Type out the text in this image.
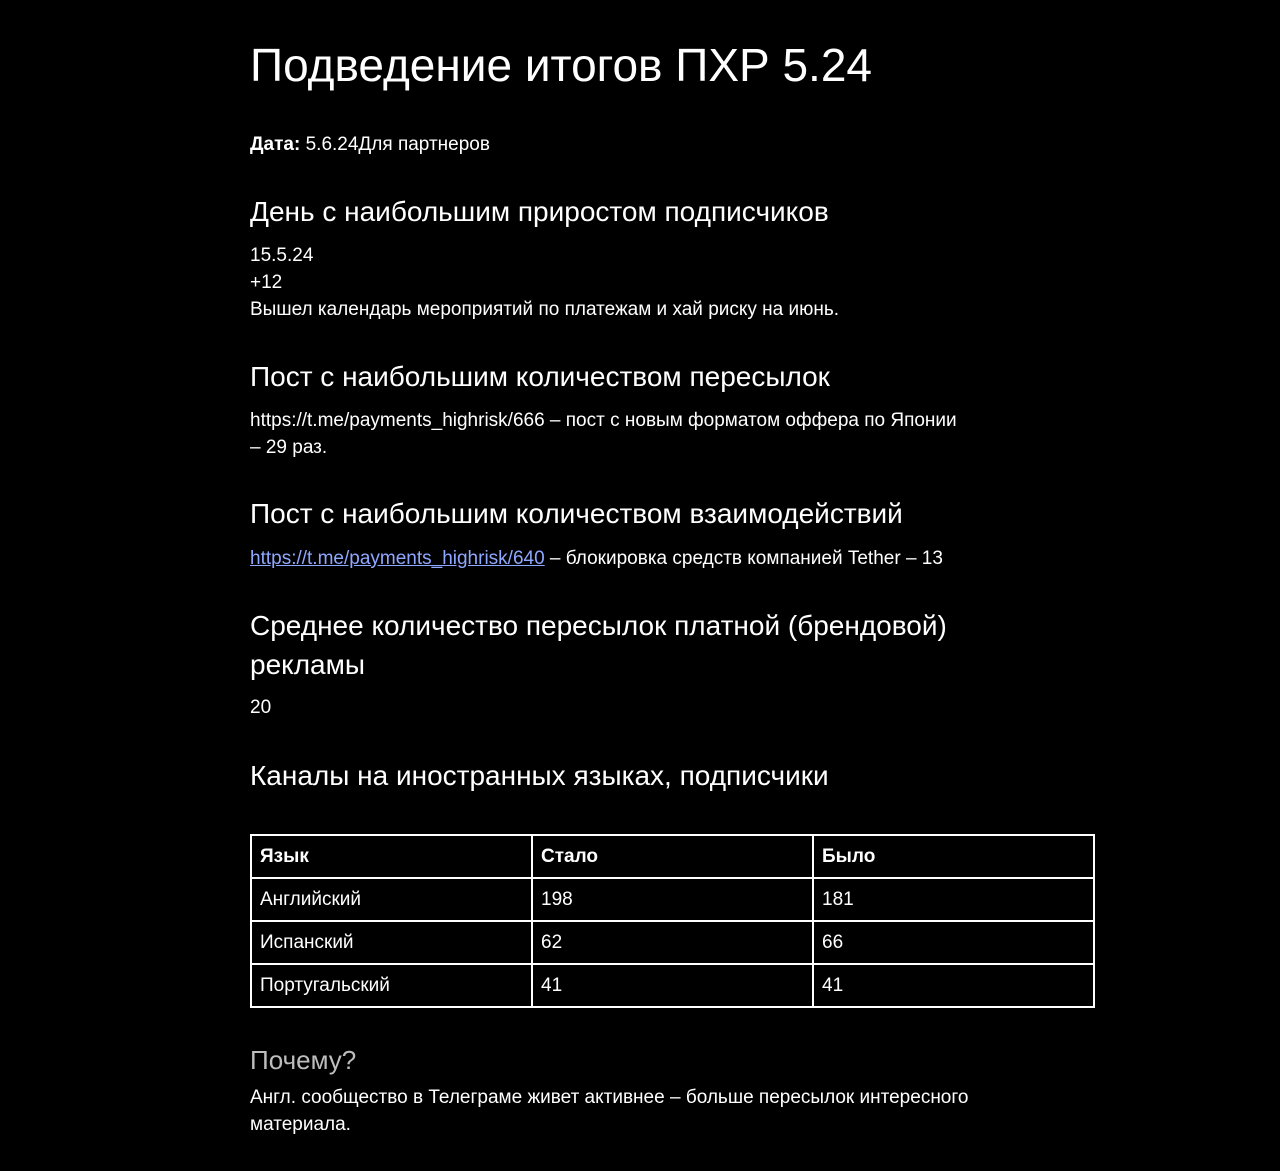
Подведение итогов ПХР 5.24
Дата: 5.6.24Для партнеров
День с наибольшим приростом подписчиков
15.5.24
+12
Вышел календарь мероприятий по платежам и хай риску на июнь.
Пост с наибольшим количеством пересылок
https://t.me/payments_highrisk/666 – пост с новым форматом оффера по Японии
– 29 раз.
Пост с наибольшим количеством взаимодействий
https://t.me/payments_highrisk/640 – блокировка средств компанией Tether – 13
Среднее количество пересылок платной (брендовой)
рекламы
20
Каналы на иностранных языках, подписчики
Язык	Стало	Было
Английский	198	181
Испанский	62	66
Португальский	41	41
Почему?
Англ. сообщество в Телеграме живет активнее – больше пересылок интересного
материала.
